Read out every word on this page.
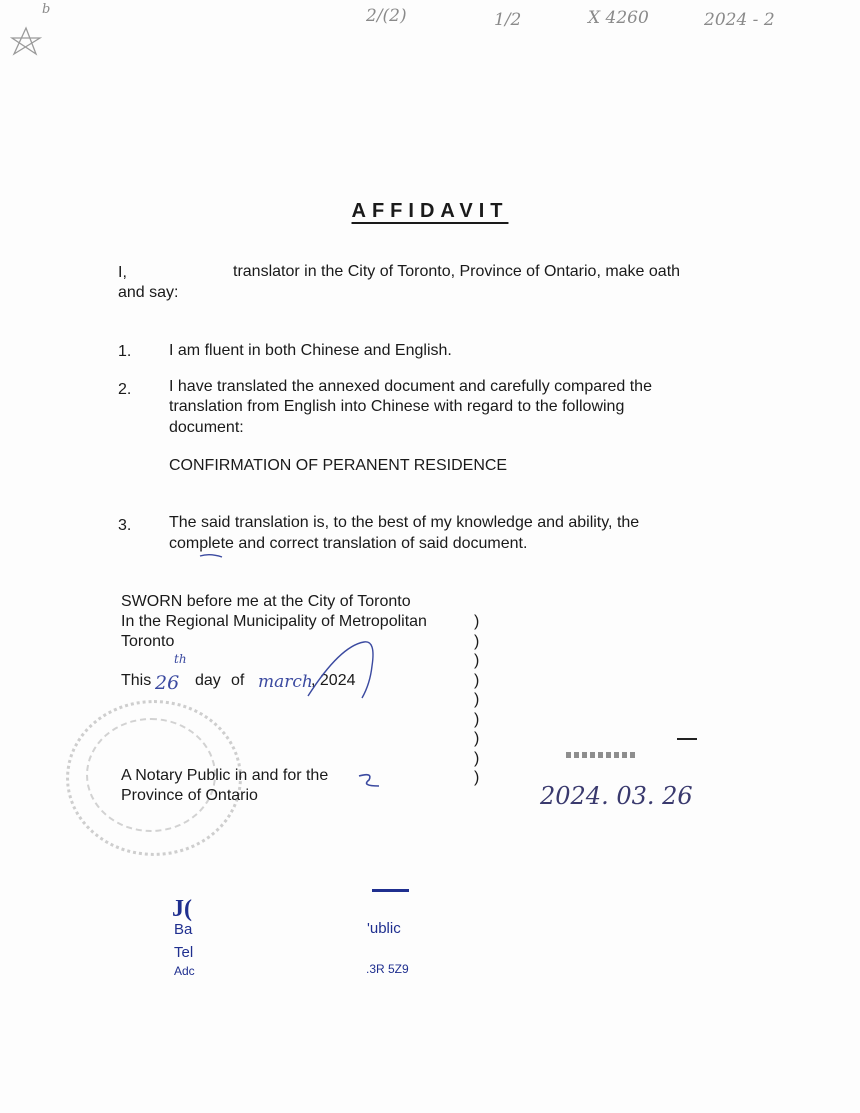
b	2/(2)	1/2	X 4260	2024 - 2
AFFIDAVIT
I,	translator in the City of Toronto, Province of Ontario, make oath
and say:
1. I am fluent in both Chinese and English.
2. I have translated the annexed document and carefully compared the
translation from English into Chinese with regard to the following
document:
CONFIRMATION OF PERANENT RESIDENCE
3. The said translation is, to the best of my knowledge and ability, the
complete and correct translation of said document.
SWORN before me at the City of Toronto
In the Regional Municipality of Metropolitan
Toronto
This 26
th
day of march
, 2024
A Notary Public in and for the
Province of Ontario
)
)
)
)
)
)
)
)
)
2024. 03. 26
J(
Ba	'ublic
Tel
Adc	.3R 5Z9
